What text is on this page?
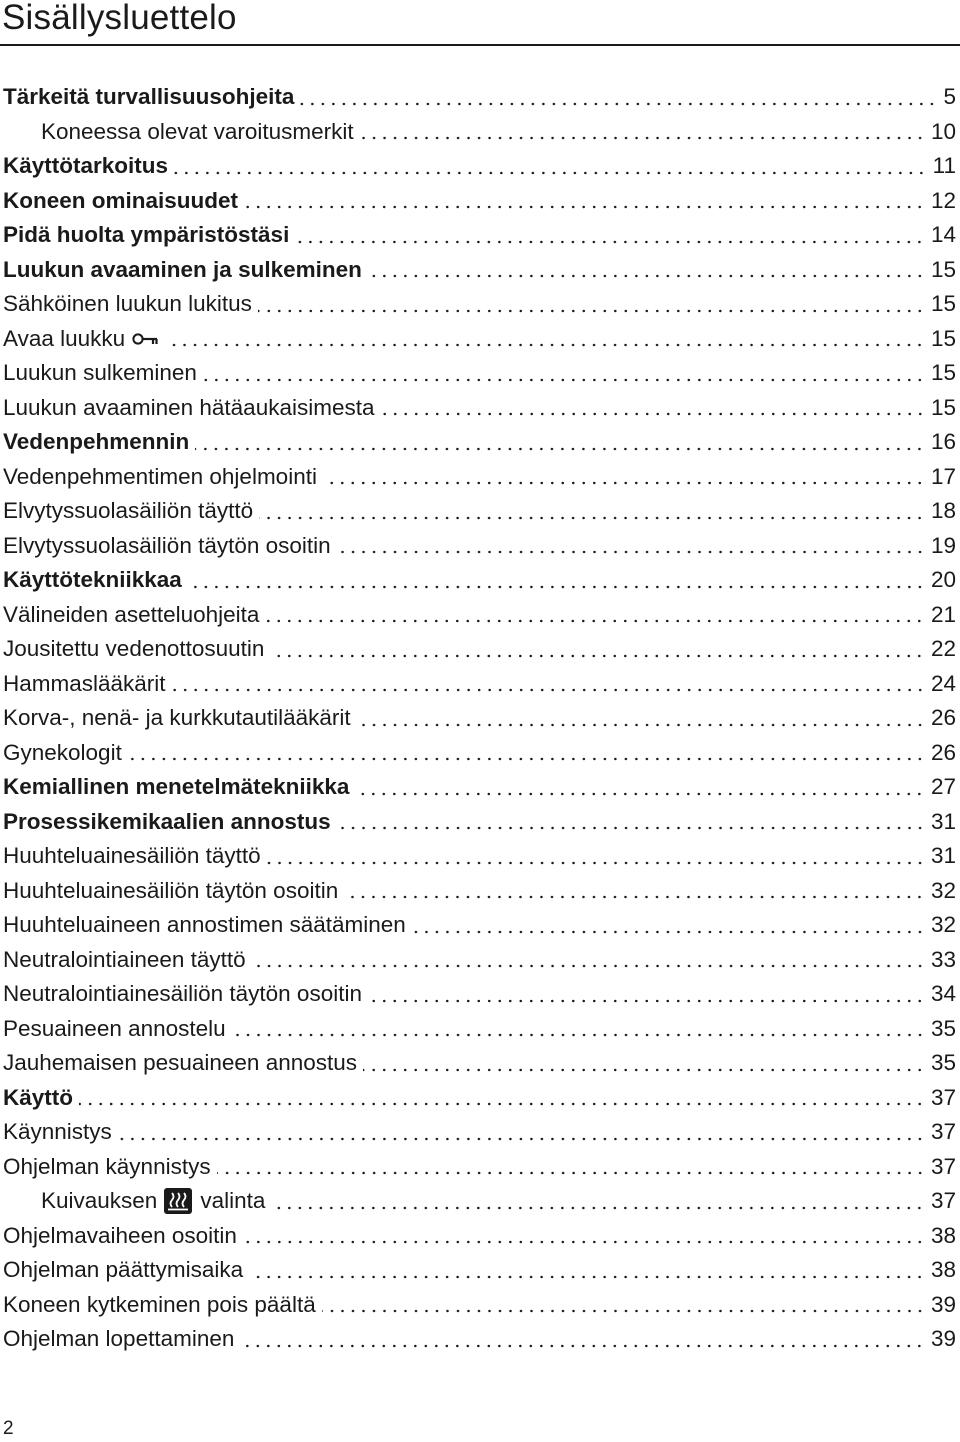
Sisällysluettelo
Tärkeitä turvallisuusohjeita	5
Koneessa olevat varoitusmerkit	10
Käyttötarkoitus	11
Koneen ominaisuudet	12
Pidä huolta ympäristöstäsi	14
Luukun avaaminen ja sulkeminen	15
Sähköinen luukun lukitus	15
Avaa luukku	15
Luukun sulkeminen	15
Luukun avaaminen hätäaukaisimesta	15
Vedenpehmennin	16
Vedenpehmentimen ohjelmointi	17
Elvytyssuolasäiliön täyttö	18
Elvytyssuolasäiliön täytön osoitin	19
Käyttötekniikkaa	20
Välineiden asetteluohjeita	21
Jousitettu vedenottosuutin	22
Hammaslääkärit	24
Korva-, nenä- ja kurkkutautilääkärit	26
Gynekologit	26
Kemiallinen menetelmätekniikka	27
Prosessikemikaalien annostus	31
Huuhteluainesäiliön täyttö	31
Huuhteluainesäiliön täytön osoitin	32
Huuhteluaineen annostimen säätäminen	32
Neutralointiaineen täyttö	33
Neutralointiainesäiliön täytön osoitin	34
Pesuaineen annostelu	35
Jauhemaisen pesuaineen annostus	35
Käyttö	37
Käynnistys	37
Ohjelman käynnistys	37
Kuivauksen valinta	37
Ohjelmavaiheen osoitin	38
Ohjelman päättymisaika	38
Koneen kytkeminen pois päältä	39
Ohjelman lopettaminen	39
2
